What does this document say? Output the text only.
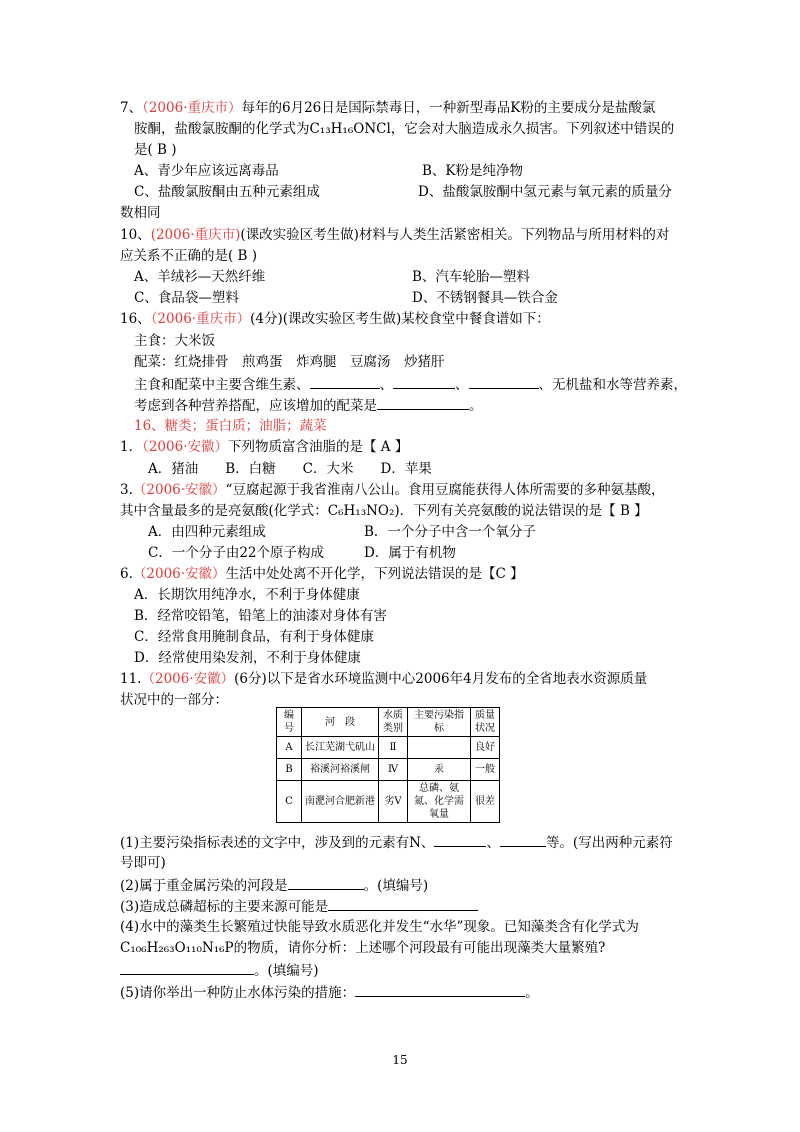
7、（2006·重庆市）每年的6月26日是国际禁毒日，一种新型毒品K粉的主要成分是盐酸氯
胺酮，盐酸氯胺酮的化学式为C₁₃H₁₆ONCl，它会对大脑造成永久损害。下列叙述中错误的
是( B )
A、青少年应该远离毒品	B、K粉是纯净物
C、盐酸氯胺酮由五种元素组成	D、盐酸氯胺酮中氢元素与氧元素的质量分
数相同
10、(2006·重庆市)(课改实验区考生做)材料与人类生活紧密相关。下列物品与所用材料的对
应关系不正确的是( B )
A、羊绒衫—天然纤维	B、汽车轮胎—塑料
C、食品袋—塑料	D、不锈钢餐具—铁合金
16、（2006·重庆市）(4分)(课改实验区考生做)某校食堂中餐食谱如下：
主食：大米饭
配菜：红烧排骨　煎鸡蛋　炸鸡腿　豆腐汤　炒猪肝
主食和配菜中主要含维生素、	、	、	、无机盐和水等营养素，
考虑到各种营养搭配，应该增加的配菜是	。
16、糖类；蛋白质；油脂；蔬菜
1．（2006·安徽）下列物质富含油脂的是【 A 】
A．猪油　　B．白糖　　C．大米　　D．苹果
3.（2006·安徽）“豆腐起源于我省淮南八公山。食用豆腐能获得人体所需要的多种氨基酸，
其中含量最多的是亮氨酸(化学式：C₆H₁₃NO₂)．下列有关亮氨酸的说法错误的是【 B 】
A．由四种元素组成	B．一个分子中含一个氧分子
C．一个分子由22个原子构成	D．属于有机物
6.（2006·安徽）生活中处处离不开化学，下列说法错误的是【C 】
A．长期饮用纯净水，不利于身体健康
B．经常咬铅笔，铅笔上的油漆对身体有害
C．经常食用腌制食品，有利于身体健康
D．经常使用染发剂，不利于身体健康
11.（2006·安徽）(6分)以下是省水环境监测中心2006年4月发布的全省地表水资源质量
状况中的一部分：
编号	河　段	水质类别	主要污染指标	质量状况
A	长江芜湖弋矶山	Ⅱ		良好
B	裕溪河裕溪闸	Ⅳ	汞	一般
C	南淝河合肥新港	劣Ⅴ	总磷、氨氮、化学需氧量	很差
(1)主要污染指标表述的文字中，涉及到的元素有N、	、	等。(写出两种元素符
号即可)
(2)属于重金属污染的河段是	。(填编号)
(3)造成总磷超标的主要来源可能是
(4)水中的藻类生长繁殖过快能导致水质恶化并发生“水华”现象。已知藻类含有化学式为
C₁₀₆H₂₆₃O₁₁₀N₁₆P的物质，请你分析：上述哪个河段最有可能出现藻类大量繁殖?
。(填编号)
(5)请你举出一种防止水体污染的措施：	。
15
